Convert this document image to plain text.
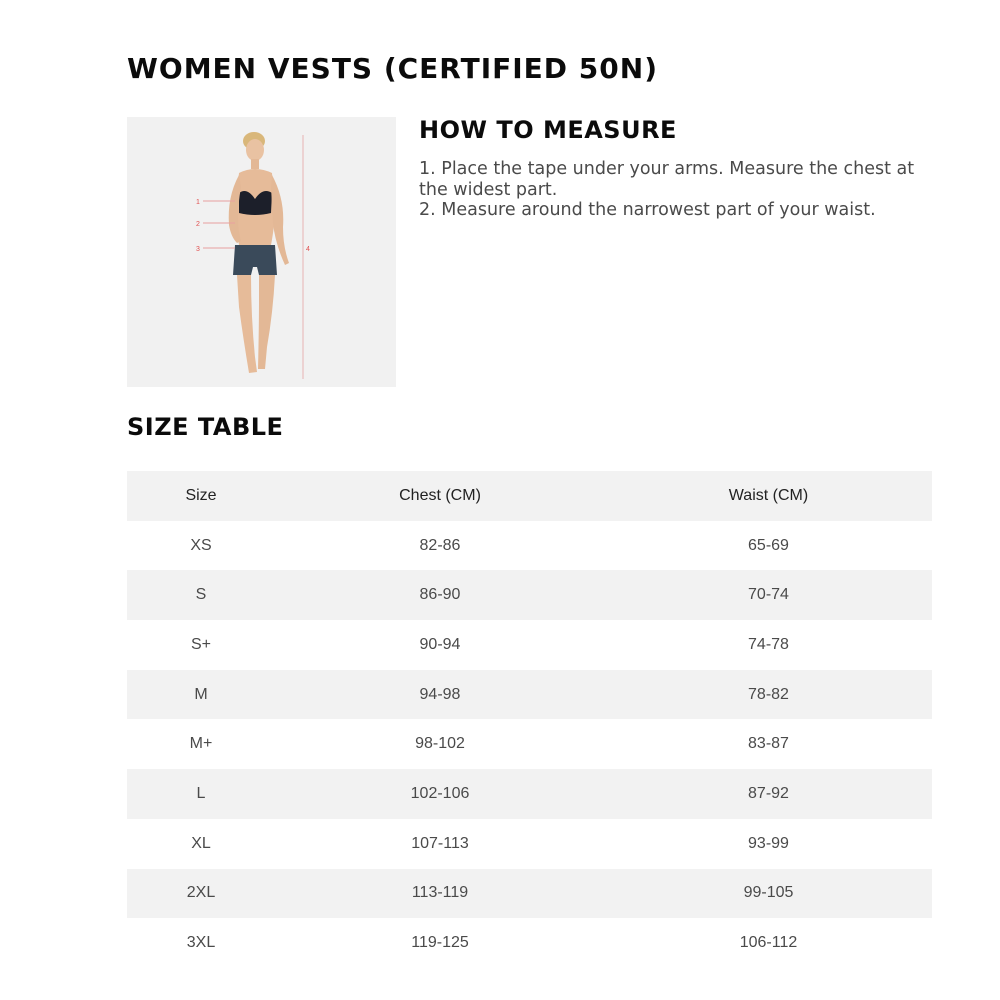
WOMEN VESTS (CERTIFIED 50N)
1
2
3	4
HOW TO MEASURE

1. Place the tape under your arms. Measure the chest at the widest part.

2. Measure around the narrowest part of your waist.

SIZE TABLE
Size	Chest (CM)	Waist (CM)
XS	82-86	65-69
S	86-90	70-74
S+	90-94	74-78
M	94-98	78-82
M+	98-102	83-87
L	102-106	87-92
XL	107-113	93-99
2XL	113-119	99-105
3XL	119-125	106-112
